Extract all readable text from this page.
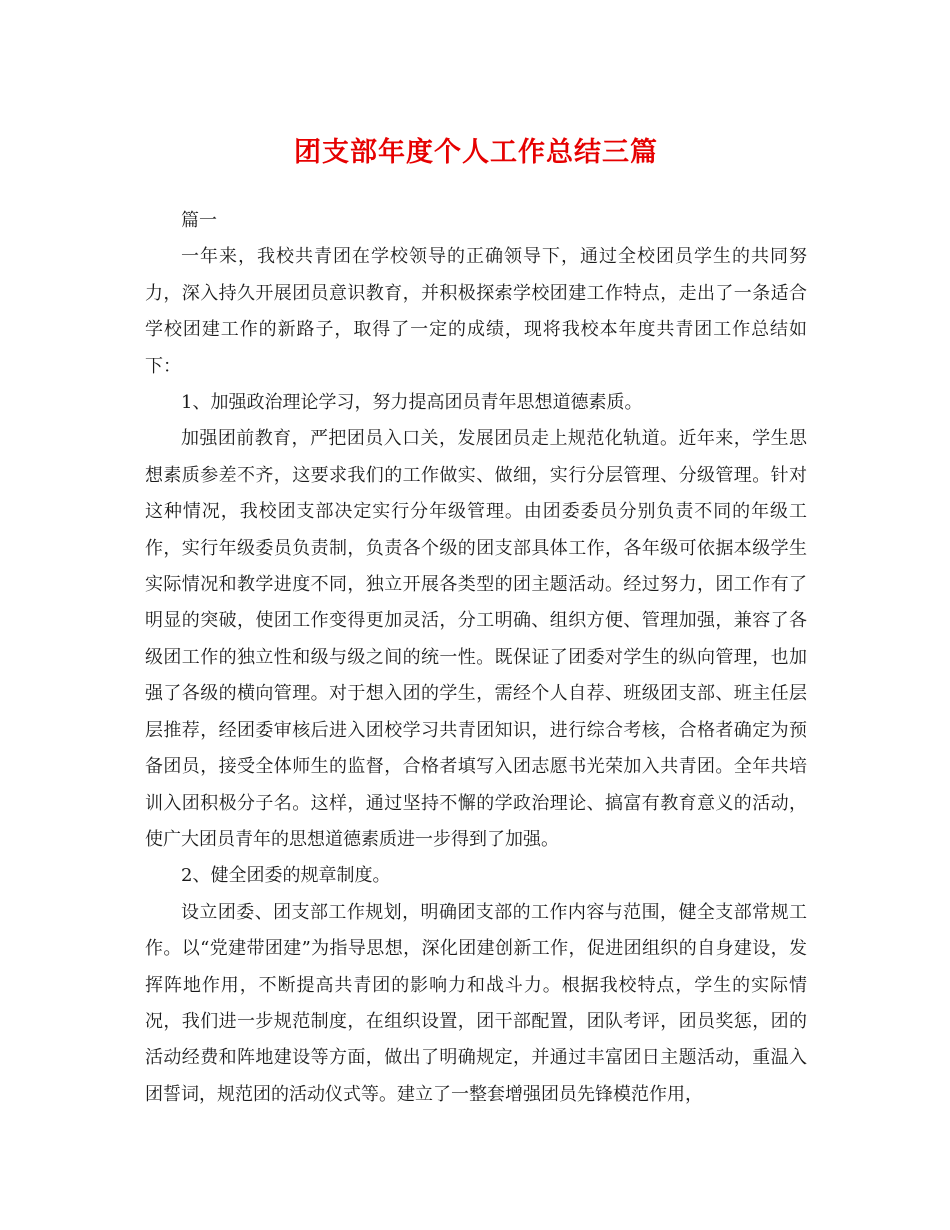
团支部年度个人工作总结三篇

篇一

一年来，我校共青团在学校领导的正确领导下，通过全校团员学生的共同努力，深入持久开展团员意识教育，并积极探索学校团建工作特点，走出了一条适合学校团建工作的新路子，取得了一定的成绩，现将我校本年度共青团工作总结如下：

1、加强政治理论学习，努力提高团员青年思想道德素质。

加强团前教育，严把团员入口关，发展团员走上规范化轨道。近年来，学生思想素质参差不齐，这要求我们的工作做实、做细，实行分层管理、分级管理。针对这种情况，我校团支部决定实行分年级管理。由团委委员分别负责不同的年级工作，实行年级委员负责制，负责各个级的团支部具体工作，各年级可依据本级学生实际情况和教学进度不同，独立开展各类型的团主题活动。经过努力，团工作有了明显的突破，使团工作变得更加灵活，分工明确、组织方便、管理加强，兼容了各级团工作的独立性和级与级之间的统一性。既保证了团委对学生的纵向管理，也加强了各级的横向管理。对于想入团的学生，需经个人自荐、班级团支部、班主任层层推荐，经团委审核后进入团校学习共青团知识，进行综合考核，合格者确定为预备团员，接受全体师生的监督，合格者填写入团志愿书光荣加入共青团。全年共培训入团积极分子名。这样，通过坚持不懈的学政治理论、搞富有教育意义的活动，使广大团员青年的思想道德素质进一步得到了加强。

2、健全团委的规章制度。

设立团委、团支部工作规划，明确团支部的工作内容与范围，健全支部常规工作。以“党建带团建”为指导思想，深化团建创新工作，促进团组织的自身建设，发挥阵地作用，不断提高共青团的影响力和战斗力。根据我校特点，学生的实际情况，我们进一步规范制度，在组织设置，团干部配置，团队考评，团员奖惩，团的活动经费和阵地建设等方面，做出了明确规定，并通过丰富团日主题活动，重温入团誓词，规范团的活动仪式等。建立了一整套增强团员先锋模范作用，
